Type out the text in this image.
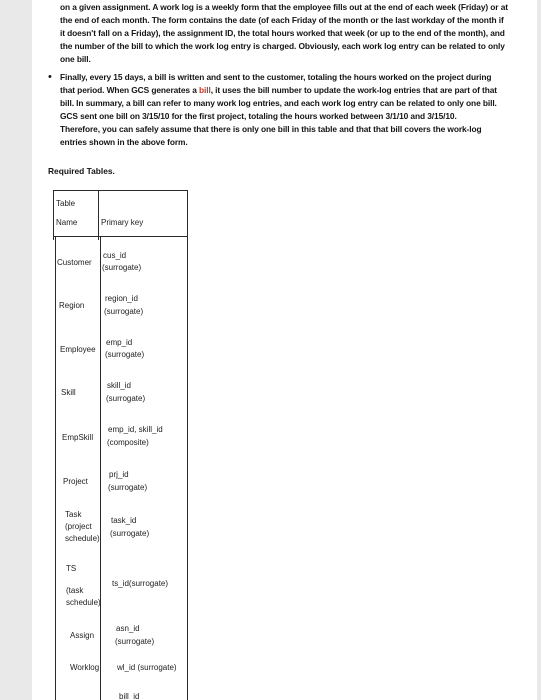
on a given assignment. A work log is a weekly form that the employee fills out at the end of each week (Friday) or at
the end of each month. The form contains the date (of each Friday of the month or the last workday of the month if
it doesn't fall on a Friday), the assignment ID, the total hours worked that week (or up to the end of the month), and
the number of the bill to which the work log entry is charged. Obviously, each work log entry can be related to only
one bill.
• Finally, every 15 days, a bill is written and sent to the customer, totaling the hours worked on the project during
that period. When GCS generates a bill, it uses the bill number to update the work-log entries that are part of that
bill. In summary, a bill can refer to many work log entries, and each work log entry can be related to only one bill.
GCS sent one bill on 3/15/10 for the first project, totaling the hours worked between 3/1/10 and 3/15/10.
Therefore, you can safely assume that there is only one bill in this table and that that bill covers the work-log
entries shown in the above form.
Required Tables.
Table
Name	Primary key
Customer
cus_id
(surrogate)
Region
region_id
(surrogate)
Employee
emp_id
(surrogate)
Skill
skill_id
(surrogate)
EmpSkill
emp_id, skill_id
(composite)
Project
prj_id
(surrogate)
Task
(project
schedule)
task_id
(surrogate)
TS
(task
schedule)
ts_id(surrogate)
Assign
asn_id
(surrogate)
Worklog wl_id (surrogate)
bill_id
